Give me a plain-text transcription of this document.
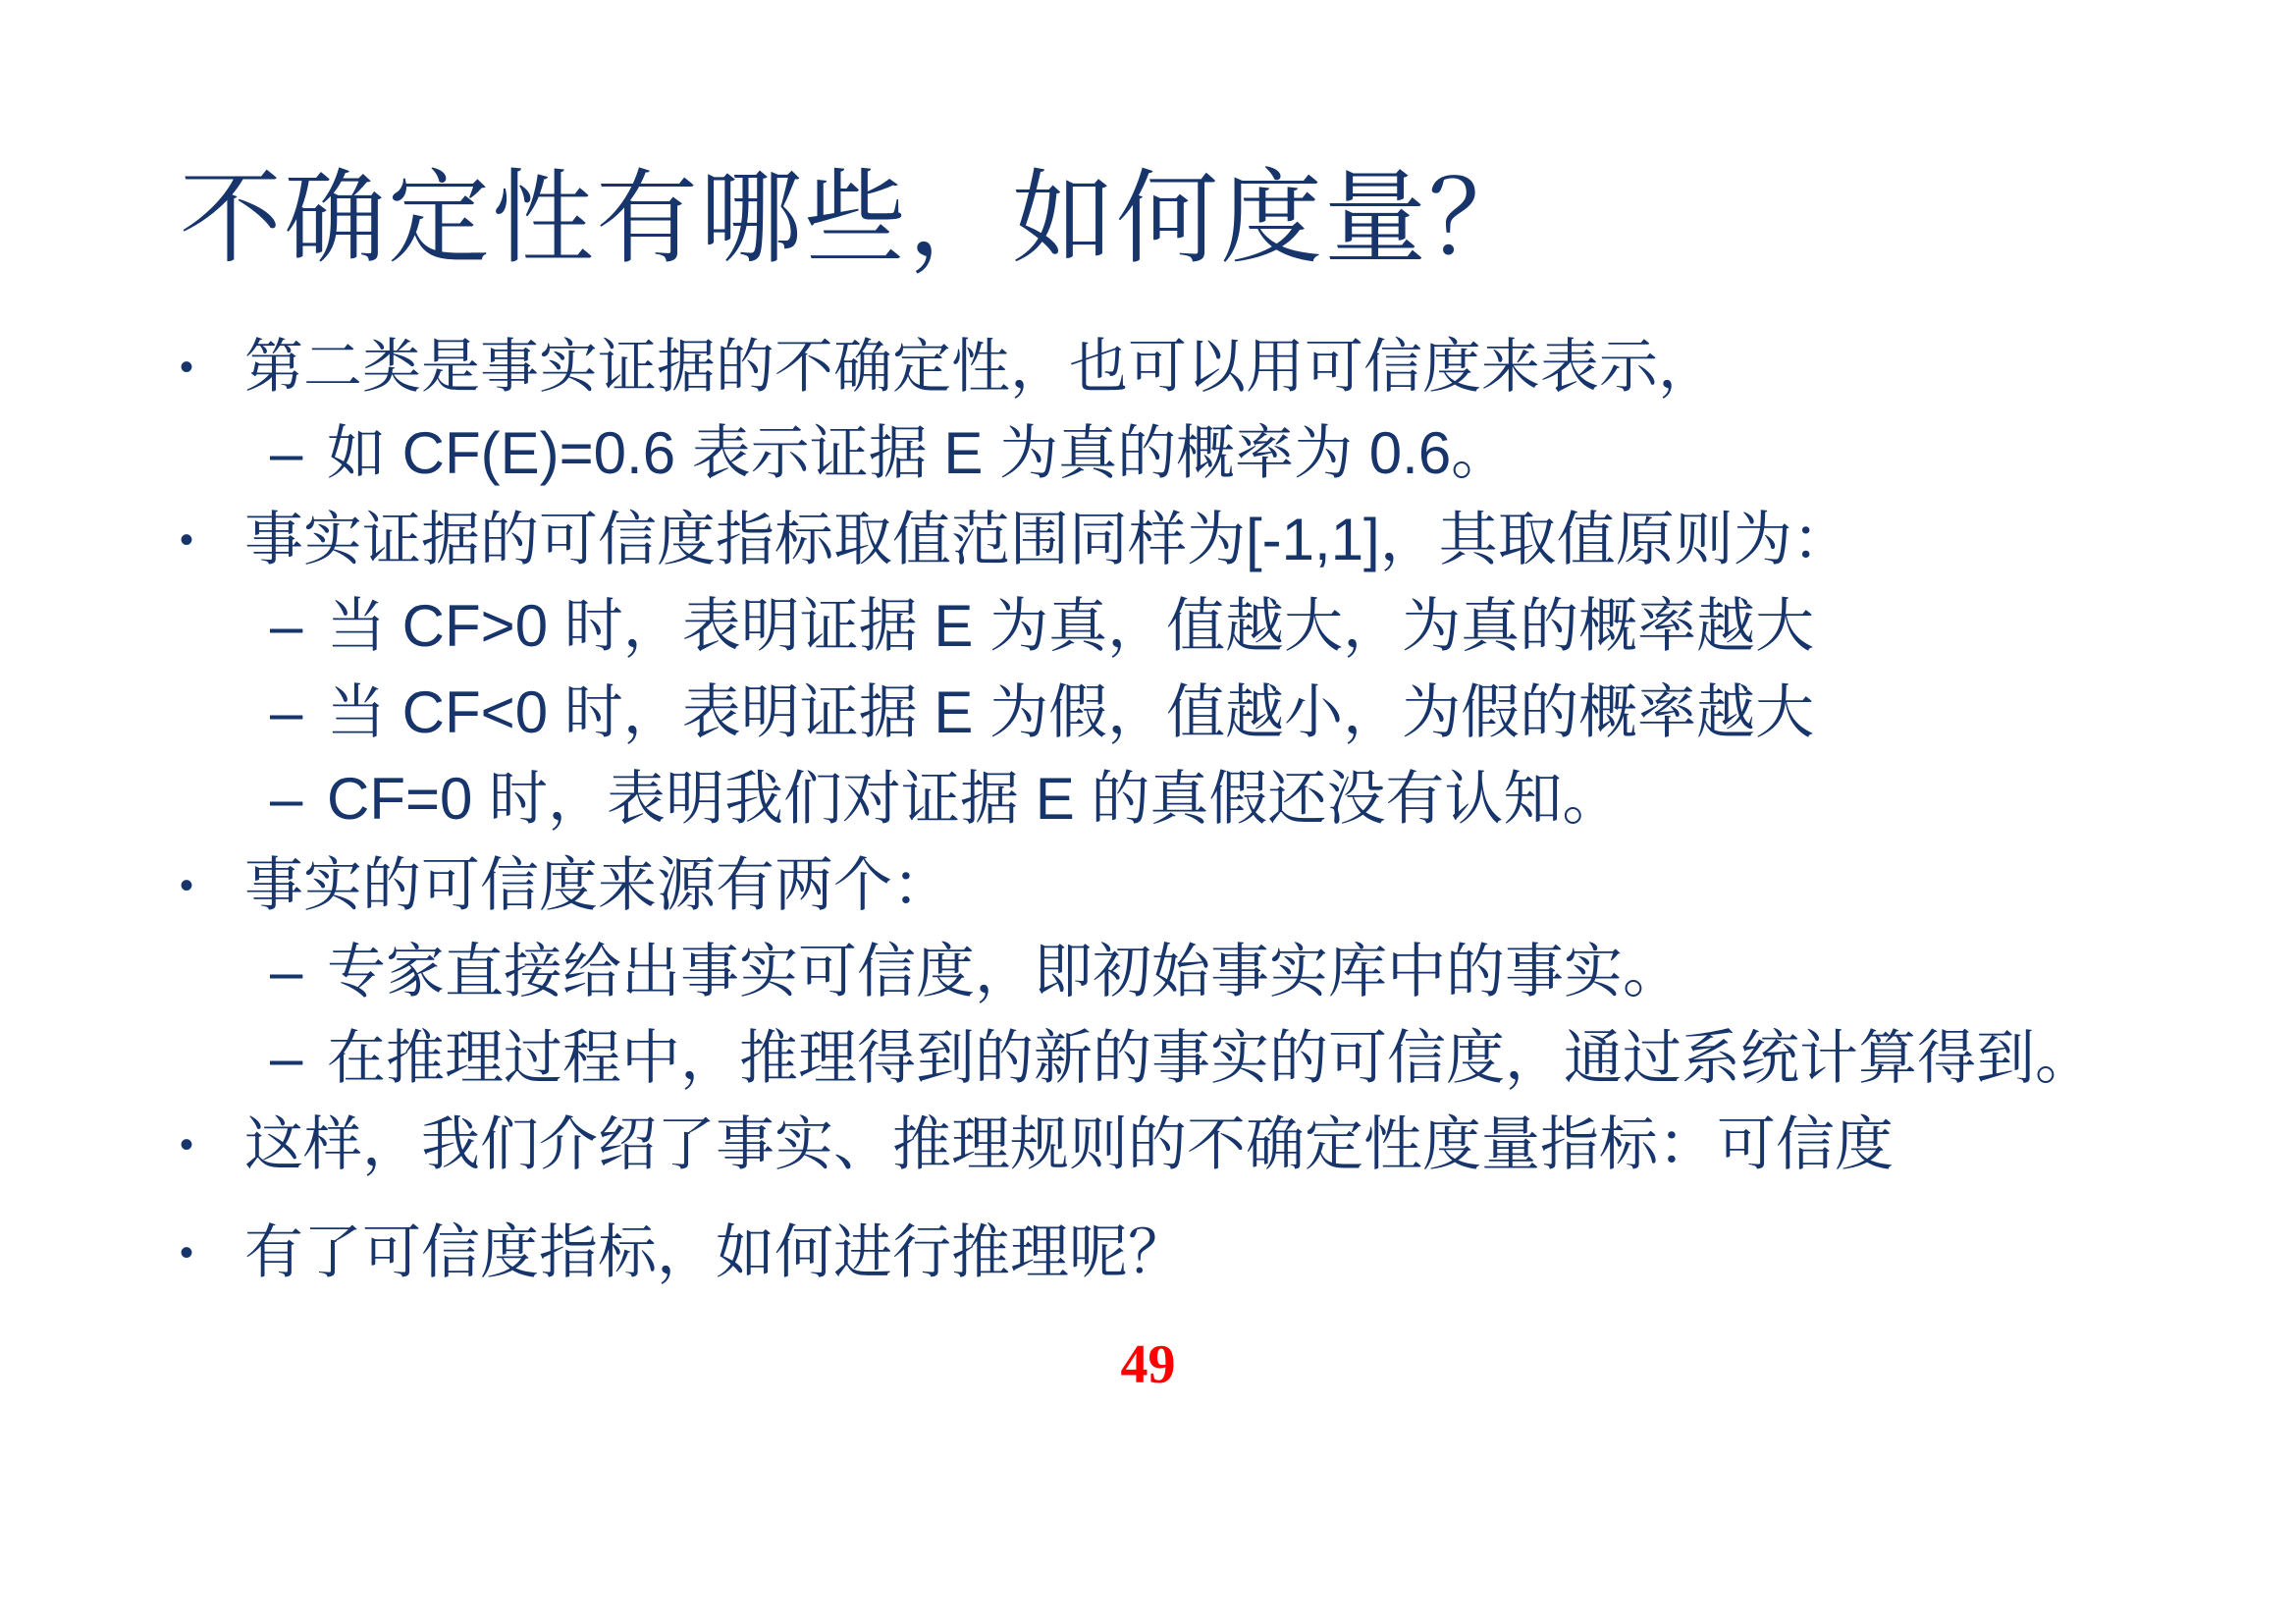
不确定性有哪些，如何度量？
• 第二类是事实证据的不确定性，也可以用可信度来表示，
– 如 CF(E)=0.6 表示证据 E 为真的概率为 0.6。
• 事实证据的可信度指标取值范围同样为[-1,1]，其取值原则为：
– 当 CF>0 时，表明证据 E 为真，值越大，为真的概率越大
– 当 CF<0 时，表明证据 E 为假，值越小，为假的概率越大
– CF=0 时，表明我们对证据 E 的真假还没有认知。
• 事实的可信度来源有两个：
– 专家直接给出事实可信度，即初始事实库中的事实。
– 在推理过程中，推理得到的新的事实的可信度，通过系统计算得到。
• 这样，我们介绍了事实、推理规则的不确定性度量指标：可信度
• 有了可信度指标，如何进行推理呢？
49
